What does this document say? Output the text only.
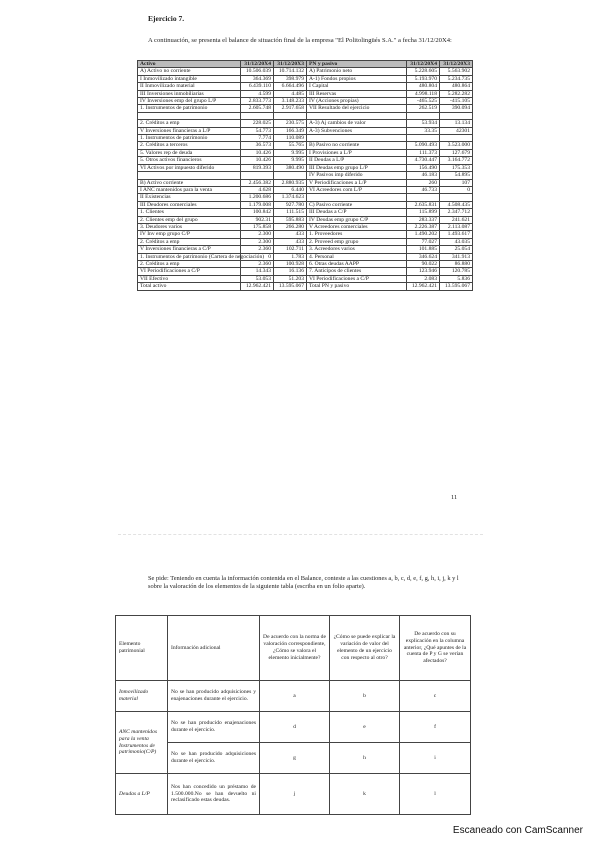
Ejercicio 7.
A continuación, se presenta el balance de situación final de la empresa "El Politolingüés S.A." a fecha 31/12/20X4:
Activo	31/12/20X4	31/12/20X3	PN y pasivo	31/12/20X4	31/12/20X3
A) Activo no corriente	10.506.039	10.714.132	A) Patrimonio neto	5.228.605	5.563.902
I Inmovilizado intangible	364.369	398.979	A-1) Fondos propios	5.193.970	5.234.735
II Inmovilizado material	6.439.110	6.664.496	I Capital	480.804	480.864
III Inversiones inmobiliarias	4.599	4.485	III Reservas	4.998.118	5.282.282
IV Inversiones emp del grupo L/P	2.833.773	3.148.233	IV (Acciones propias)	-465.525	-415.105
1. Instrumentos de patrimonio	2.605.748	2.917.658	VII Resultado del ejercicio	262.519	390.094

2. Créditos a emp	228.025	230.575	A-3) Aj cambios de valor	53.934	13.134
V Inversiones financieras a L/P	54.773	166.349	A-3) Subvenciones	33.35	42301
1. Instrumentos de patrimonio	7.774	110.089			
2. Créditos a terceros	36.573	55.765	B) Pasivo no corriente	5.090.493	3.523.000
5. Valores rep de deuda	10.426	9.995	I Provisiones a L/P	111.373	127.679
5. Otros activos financieros	10.426	9.995	II Deudas a L/P	4.730.447	3.164.772
VI Activos por impuesto diferido	819.393	380.490	III Deudas emp grupo L/P	156.490	175.353
			IV Pasivos imp diferido	46.183	54.895
B) Activo corriente	2.456.382	2.880.935	V Periodificaciones a L/P	260	107
I ANC mantenidos para la venta	4.628	6.440	VI Acreedores com L/P	46.733	0
II Existencias	1.200.686	1.374.623			
III Deudores comerciales	1.179.008	927.780	C) Pasivo corriente	2.635.831	4.508.435
1. Clientes	100.842	111.515	III Deudas a C/P	115.899	2.347.712
2. Clientes emp del grupo	902.31	595.883	IV Deudas emp grupo C/P	283.337	241.621
3. Deudores varios	175.858	266.280	V Acreedores comerciales	2.226.387	2.113.087
IV Inv emp grupo C/P	2.300	433	1. Proveedores	1.490.202	1.493.617
2. Créditos a emp	2.300	433	2. Proveed emp grupo	77.027	43.035
V Inversiones financieras a C/P	2.360	102.711	3. Acreedores varios	101.885	25.054
1. Instrumentos de patrimonio (Cartera de negociación)	0	1.783	4. Personal	346.624	341.913
2. Créditos a emp	2.360	100.928	6. Otras deudas AAPP	90.022	86.880
VI Periodificaciones a C/P	14.343	16.136	7. Anticipos de clientes	123.946	120.785
VII Efectivo	53.053	51.203	VI Periodificaciones a C/P	2.083	5.836
Total activo	12.962.421	13.595.067	Total PN y pasivo	12.962.421	13.595.067
11
Se pide: Teniendo en cuenta la información contenida en el Balance, conteste a las cuestiones a, b, c, d, e, f, g, h, i, j, k y l sobre la valoración de los elementos de la siguiente tabla (escriba en un folio aparte).
Elemento patrimonial	Información adicional	De acuerdo con la norma de valoración correspondiente, ¿Cómo se valora el elemento inicialmente?	¿Cómo se puede explicar la variación de valor del elemento de un ejercicio con respecto al otro?	De acuerdo con su explicación en la columna anterior, ¿Qué apuntes de la cuenta de P y G se verían afectados?
Inmovilizado material	No se han producido adquisiciones y enajenaciones durante el ejercicio.	a	b	c
ANC mantenidos para la venta Instrumentos de patrimonio(C/P)	No se han producido enajenaciones durante el ejercicio.	d	e	f
	No se han producido adquisiciones durante el ejercicio.	g	h	i
Deudas a L/P	Nos han concedido un préstamo de 1.500.000.No se han devuelto ni reclasificado estas deudas.	j	k	l
Escaneado con CamScanner
